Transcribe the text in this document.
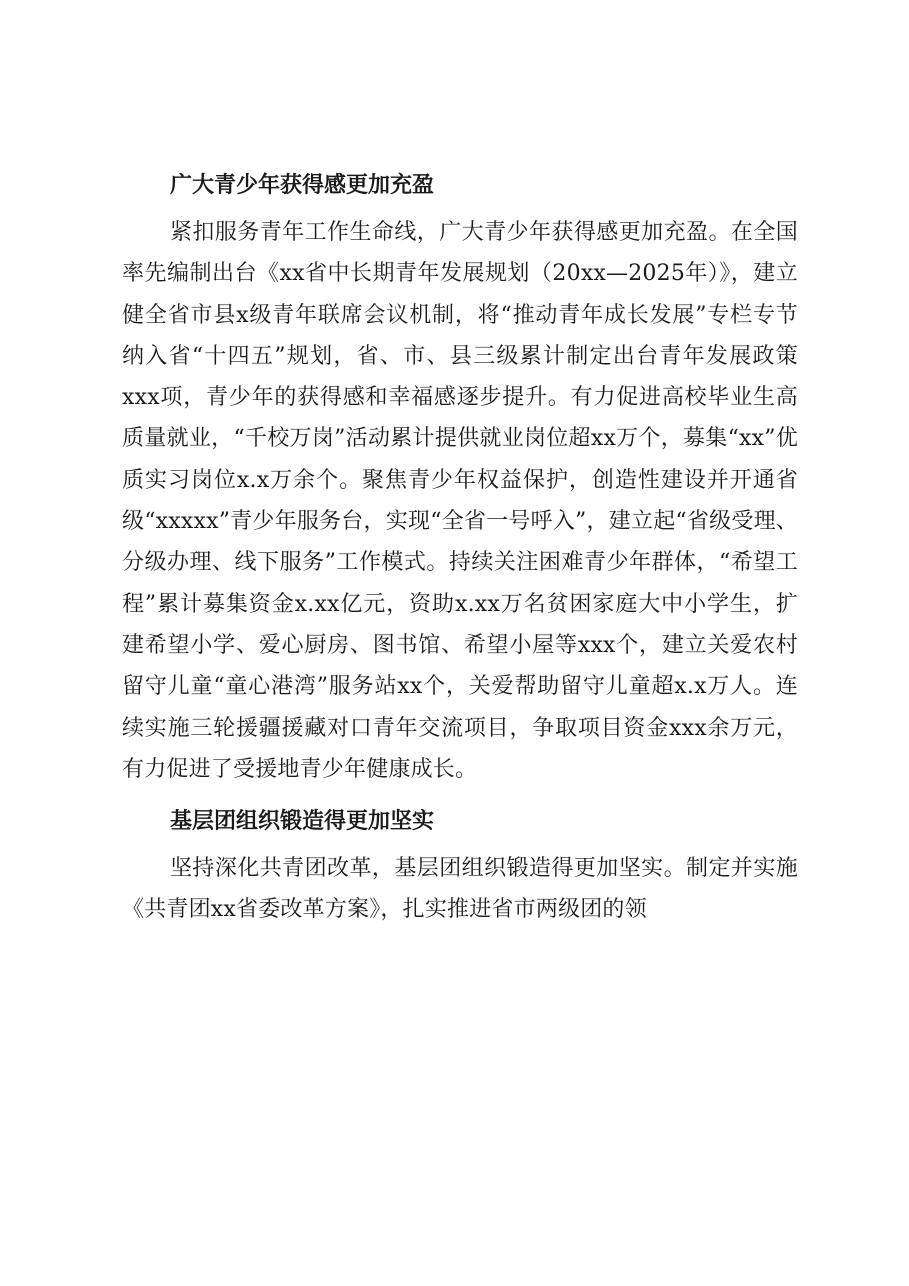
广大青少年获得感更加充盈

紧扣服务青年工作生命线，广大青少年获得感更加充盈。在全国率先编制出台《xx省中长期青年发展规划（20xx—2025年）》，建立健全省市县x级青年联席会议机制，将“推动青年成长发展”专栏专节纳入省“十四五”规划，省、市、县三级累计制定出台青年发展政策xxx项，青少年的获得感和幸福感逐步提升。有力促进高校毕业生高质量就业，“千校万岗”活动累计提供就业岗位超xx万个，募集“xx”优质实习岗位x.x万余个。聚焦青少年权益保护，创造性建设并开通省级“xxxxx”青少年服务台，实现“全省一号呼入”，建立起“省级受理、分级办理、线下服务”工作模式。持续关注困难青少年群体，“希望工程”累计募集资金x.xx亿元，资助x.xx万名贫困家庭大中小学生，扩建希望小学、爱心厨房、图书馆、希望小屋等xxx个，建立关爱农村留守儿童“童心港湾”服务站xx个，关爱帮助留守儿童超x.x万人。连续实施三轮援疆援藏对口青年交流项目，争取项目资金xxx余万元，有力促进了受援地青少年健康成长。

基层团组织锻造得更加坚实

坚持深化共青团改革，基层团组织锻造得更加坚实。制定并实施《共青团xx省委改革方案》，扎实推进省市两级团的领
